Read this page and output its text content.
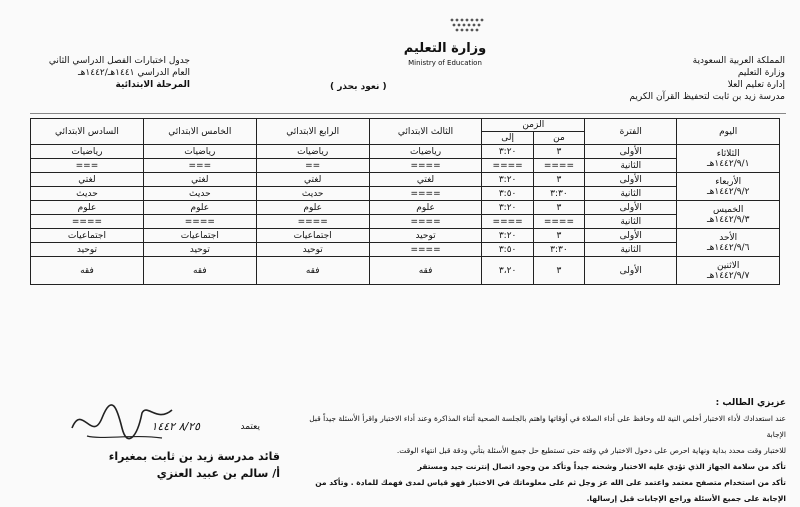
المملكة العربية السعودية
وزارة التعليم
إدارة تعليم العلا
مدرسة زيد بن ثابت لتحفيظ القرآن الكريم
وزارة التعليم
Ministry of Education
جدول اختبارات الفصل الدراسي الثاني
العام الدراسي ١٤٤١هـ/١٤٤٢هـ
المرحلة الابتدائية	( نعود بحذر )
اليوم	الفترة	الزمن		الثالث الابتدائي	الرابع الابتدائي	الخامس الابتدائي	السادس الابتدائي
		من	إلى				

الثلاثاء
١٤٤٢/٩/١هـ	الأولى	٣	٣:٢٠	رياضيات	رياضيات	رياضيات	رياضيات
	الثانية	====	====	====	==	===	===

الأربعاء
١٤٤٢/٩/٢هـ	الأولى	٣	٣:٢٠	لغتي	لغتي	لغتي	لغتي
	الثانية	٣:٣٠	٣:٥٠	====	حديث	حديث	حديث

الخميس
١٤٤٢/٩/٣هـ	الأولى	٣	٣:٢٠	علوم	علوم	علوم	علوم
	الثانية	====	====	====	====	====	====

الأحد
١٤٤٢/٩/٦هـ	الأولى	٣	٣:٢٠	توحيد	اجتماعيات	اجتماعيات	اجتماعيات
	الثانية	٣:٣٠	٣:٥٠	====	توحيد	توحيد	توحيد

الاثنين
١٤٤٢/٩/٧هـ	الأولى	٣	٣،٢٠	فقه	فقه	فقه	فقه
عزيزي الطالب :
عند استعدادك لأداء الاختبار أخلص النية لله وحافظ على أداء الصلاة في أوقاتها واهتم بالجلسة الصحية أثناء المذاكرة وعند أداء الاختبار واقرأ الأسئلة جيداً قبل الإجابة
للاختبار وقت محدد بداية ونهاية احرص على دخول الاختبار في وقته حتى تستطيع حل جميع الأسئلة بتأني ودقة قبل انتهاء الوقت.
تأكد من سلامة الجهاز الذي تؤدي عليه الاختبار وشحنه جيداً وتأكد من وجود اتصال إنترنت جيد ومستقر
تأكد من استخدام متصفح معتمد واعتمد على الله عز وجل ثم على معلوماتك في الاختبار فهو قياس لمدى فهمك للمادة . وتأكد من الإجابة على جميع الأسئلة وراجع الإجابات قبل إرسالها.
يعتمد
٨/٢٥ ١٤٤٢
قائد مدرسة زيد بن ثابت بمغيراء
أ/ سالم بن عبيد العنزي
